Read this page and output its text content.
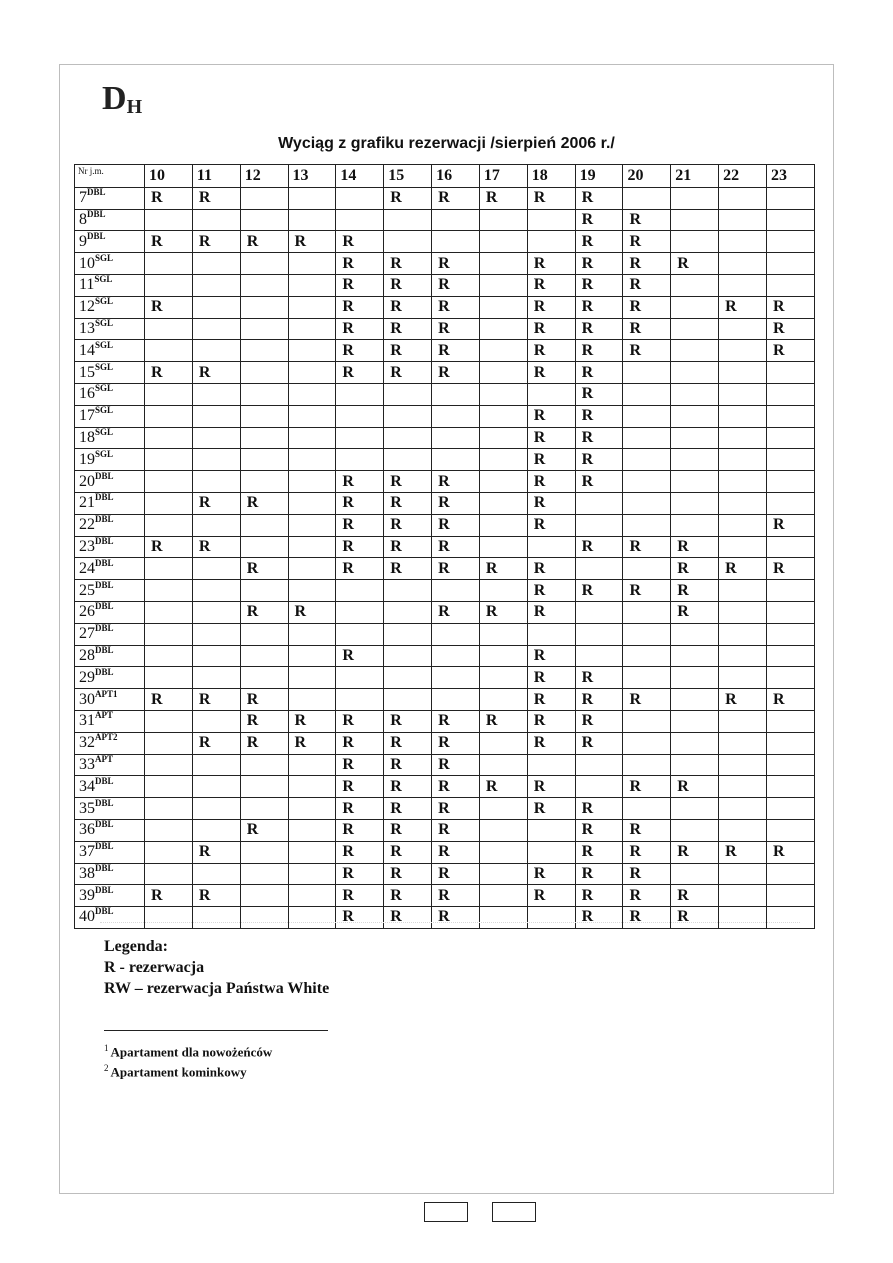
DH
Wyciąg z grafiku rezerwacji /sierpień 2006 r./
Nr j.m.	10	11	12	13	14	15	16	17	18	19	20	21	22	23
$7^{DBL}$	R	R				R	R	R	R	R				
$8^{DBL}$										R	R			
$9^{DBL}$	R	R	R	R	R					R	R			
$10^{SGL}$					R	R	R		R	R	R	R		
$11^{SGL}$					R	R	R		R	R	R			
$12^{SGL}$	R				R	R	R		R	R	R		R	R
$13^{SGL}$					R	R	R		R	R	R			R
$14^{SGL}$					R	R	R		R	R	R			R
$15^{SGL}$	R	R			R	R	R		R	R				
$16^{SGL}$										R				
$17^{SGL}$									R	R				
$18^{SGL}$									R	R				
$19^{SGL}$									R	R				
$20^{DBL}$					R	R	R		R	R				
$21^{DBL}$		R	R		R	R	R		R					
$22^{DBL}$					R	R	R		R					R
$23^{DBL}$	R	R			R	R	R			R	R	R		
$24^{DBL}$			R		R	R	R	R	R			R	R	R
$25^{DBL}$									R	R	R	R		
$26^{DBL}$			R	R			R	R	R			R		
$27^{DBL}$														
$28^{DBL}$					R				R					
$29^{DBL}$									R	R				
$30^{APT1}$	R	R	R						R	R	R		R	R
$31^{APT}$			R	R	R	R	R	R	R	R				
$32^{APT2}$		R	R	R	R	R	R		R	R				
$33^{APT}$					R	R	R							
$34^{DBL}$					R	R	R	R	R		R	R		
$35^{DBL}$					R	R	R		R	R				
$36^{DBL}$			R		R	R	R			R	R			
$37^{DBL}$		R			R	R	R			R	R	R	R	R
$38^{DBL}$					R	R	R		R	R	R			
$39^{DBL}$	R	R			R	R	R		R	R	R	R		
$40^{DBL}$					R	R	R			R	R	R		
Legenda:
R - rezerwacja
RW – rezerwacja Państwa White
$^1$ Apartament dla nowożeńców
$^2$ Apartament kominkowy
